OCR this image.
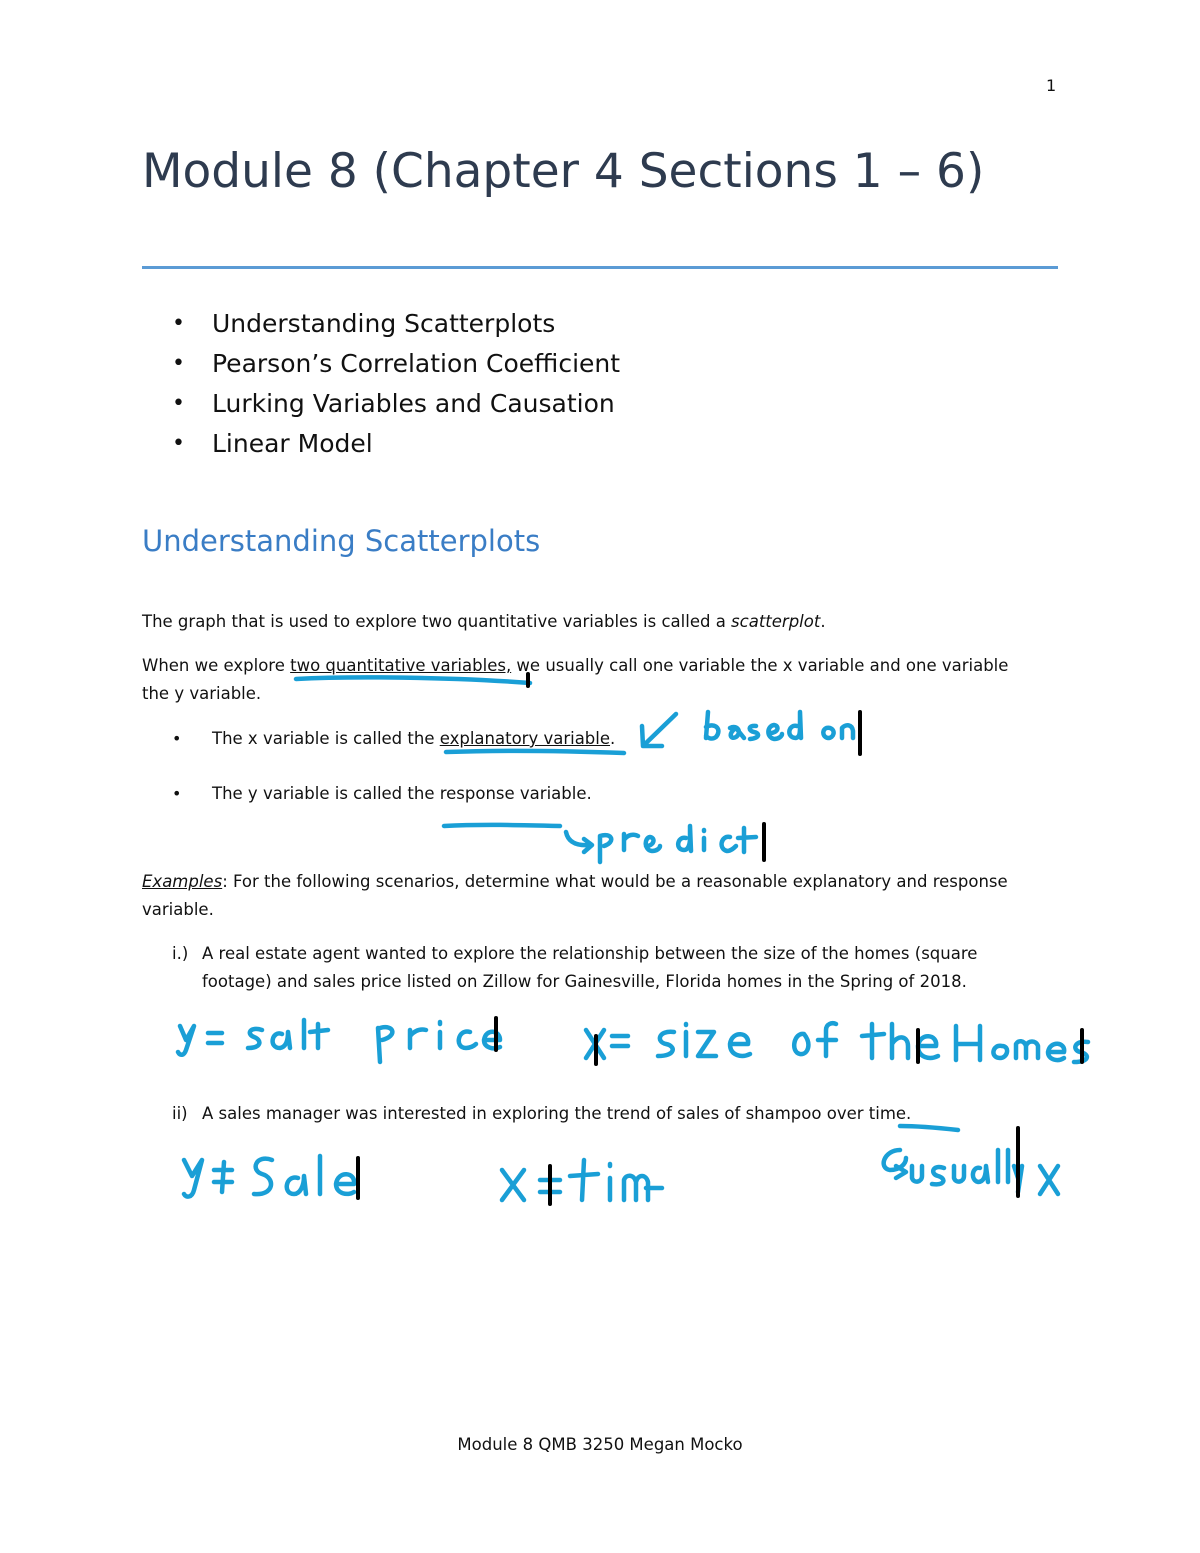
1
Module 8 (Chapter 4 Sections 1 – 6)
• Understanding Scatterplots
• Pearson’s Correlation Coefficient
• Lurking Variables and Causation
• Linear Model
Understanding Scatterplots
The graph that is used to explore two quantitative variables is called a scatterplot.
When we explore two quantitative variables, we usually call one variable the x variable and one variable
the y variable.
• The x variable is called the explanatory variable.
• The y variable is called the response variable.
Examples: For the following scenarios, determine what would be a reasonable explanatory and response
variable.
i.) A real estate agent wanted to explore the relationship between the size of the homes (square
footage) and sales price listed on Zillow for Gainesville, Florida homes in the Spring of 2018.
ii) A sales manager was interested in exploring the trend of sales of shampoo over time.
Module 8 QMB 3250 Megan Mocko
